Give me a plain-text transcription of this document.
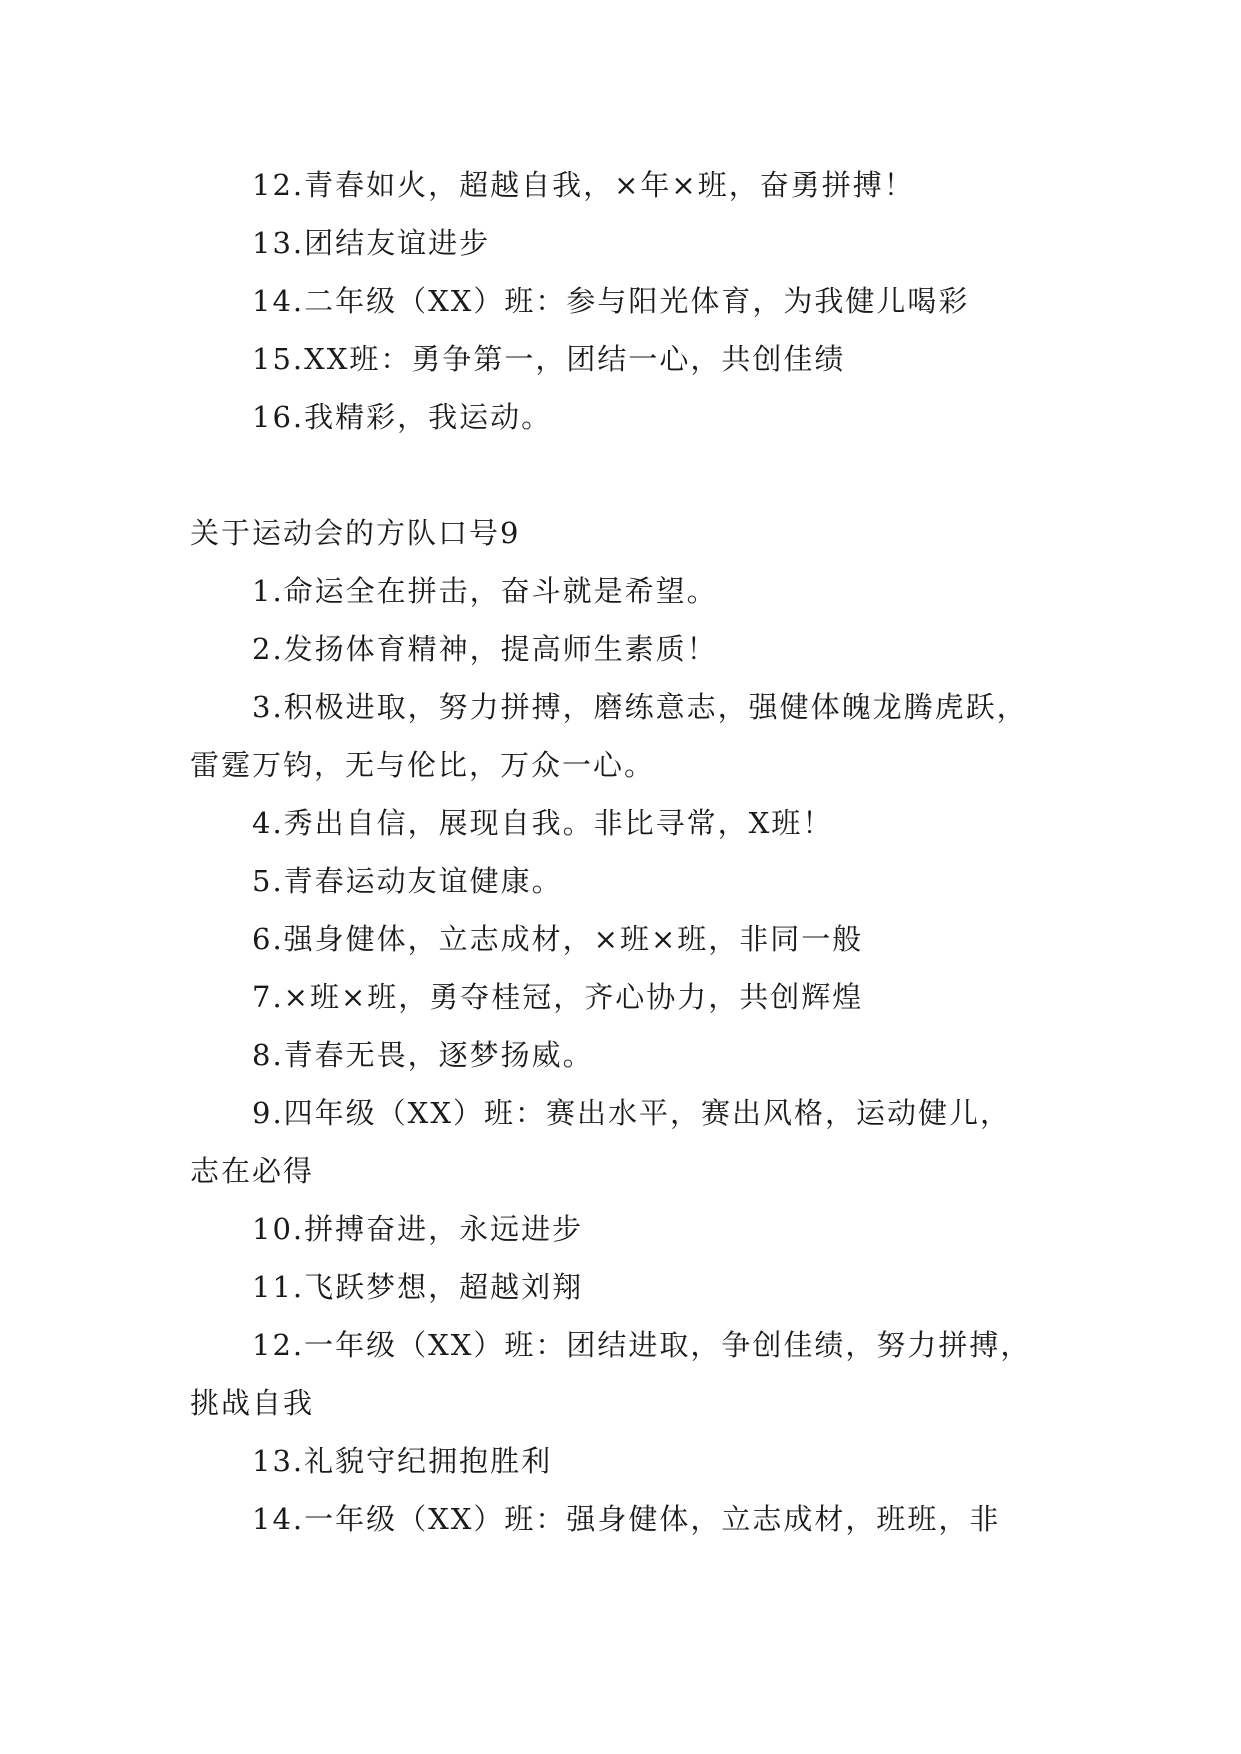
12.青春如火，超越自我，×年×班，奋勇拼搏！
13.团结友谊进步
14.二年级（XX）班：参与阳光体育，为我健儿喝彩
15.XX班：勇争第一，团结一心，共创佳绩
16.我精彩，我运动。
关于运动会的方队口号9
1.命运全在拼击，奋斗就是希望。
2.发扬体育精神，提高师生素质！
3.积极进取，努力拼搏，磨练意志，强健体魄龙腾虎跃，
雷霆万钧，无与伦比，万众一心。
4.秀出自信，展现自我。非比寻常，X班！
5.青春运动友谊健康。
6.强身健体，立志成材，×班×班，非同一般
7.×班×班，勇夺桂冠，齐心协力，共创辉煌
8.青春无畏，逐梦扬威。
9.四年级（XX）班：赛出水平，赛出风格，运动健儿，
志在必得
10.拼搏奋进，永远进步
11.飞跃梦想，超越刘翔
12.一年级（XX）班：团结进取，争创佳绩，努力拼搏，
挑战自我
13.礼貌守纪拥抱胜利
14.一年级（XX）班：强身健体，立志成材，班班，非
